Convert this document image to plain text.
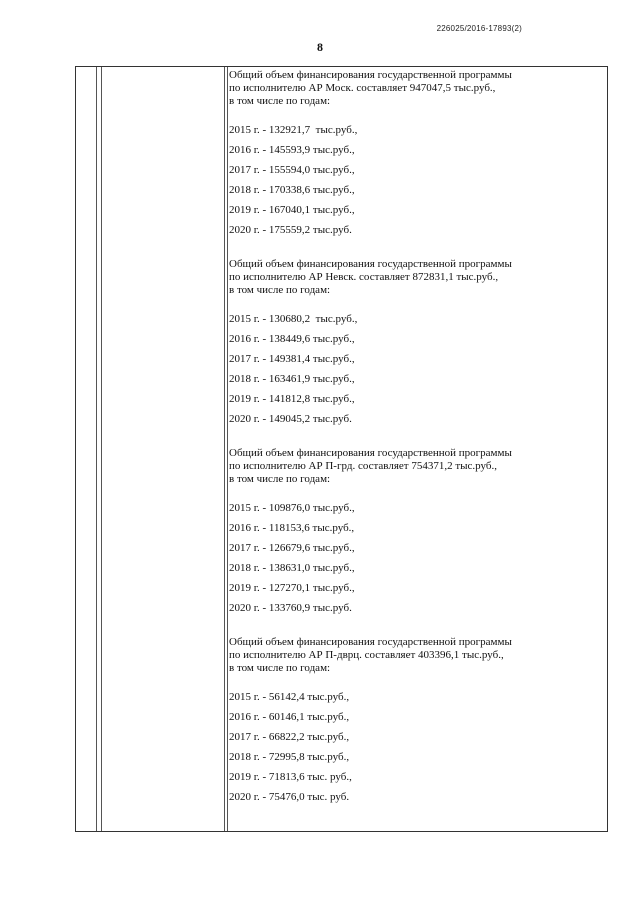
226025/2016-17893(2)
8
Общий объем финансирования государственной программы
по исполнителю АР Моск. составляет 947047,5 тыс.руб.,
в том числе по годам:
2015 г. - 132921,7  тыс.руб.,
2016 г. - 145593,9 тыс.руб.,
2017 г. - 155594,0 тыс.руб.,
2018 г. - 170338,6 тыс.руб.,
2019 г. - 167040,1 тыс.руб.,
2020 г. - 175559,2 тыс.руб.
Общий объем финансирования государственной программы
по исполнителю АР Невск. составляет 872831,1 тыс.руб.,
в том числе по годам:
2015 г. - 130680,2  тыс.руб.,
2016 г. - 138449,6 тыс.руб.,
2017 г. - 149381,4 тыс.руб.,
2018 г. - 163461,9 тыс.руб.,
2019 г. - 141812,8 тыс.руб.,
2020 г. - 149045,2 тыс.руб.
Общий объем финансирования государственной программы
по исполнителю АР П-грд. составляет 754371,2 тыс.руб.,
в том числе по годам:
2015 г. - 109876,0 тыс.руб.,
2016 г. - 118153,6 тыс.руб.,
2017 г. - 126679,6 тыс.руб.,
2018 г. - 138631,0 тыс.руб.,
2019 г. - 127270,1 тыс.руб.,
2020 г. - 133760,9 тыс.руб.
Общий объем финансирования государственной программы
по исполнителю АР П-дврц. составляет 403396,1 тыс.руб.,
в том числе по годам:
2015 г. - 56142,4 тыс.руб.,
2016 г. - 60146,1 тыс.руб.,
2017 г. - 66822,2 тыс.руб.,
2018 г. - 72995,8 тыс.руб.,
2019 г. - 71813,6 тыс. руб.,
2020 г. - 75476,0 тыс. руб.
